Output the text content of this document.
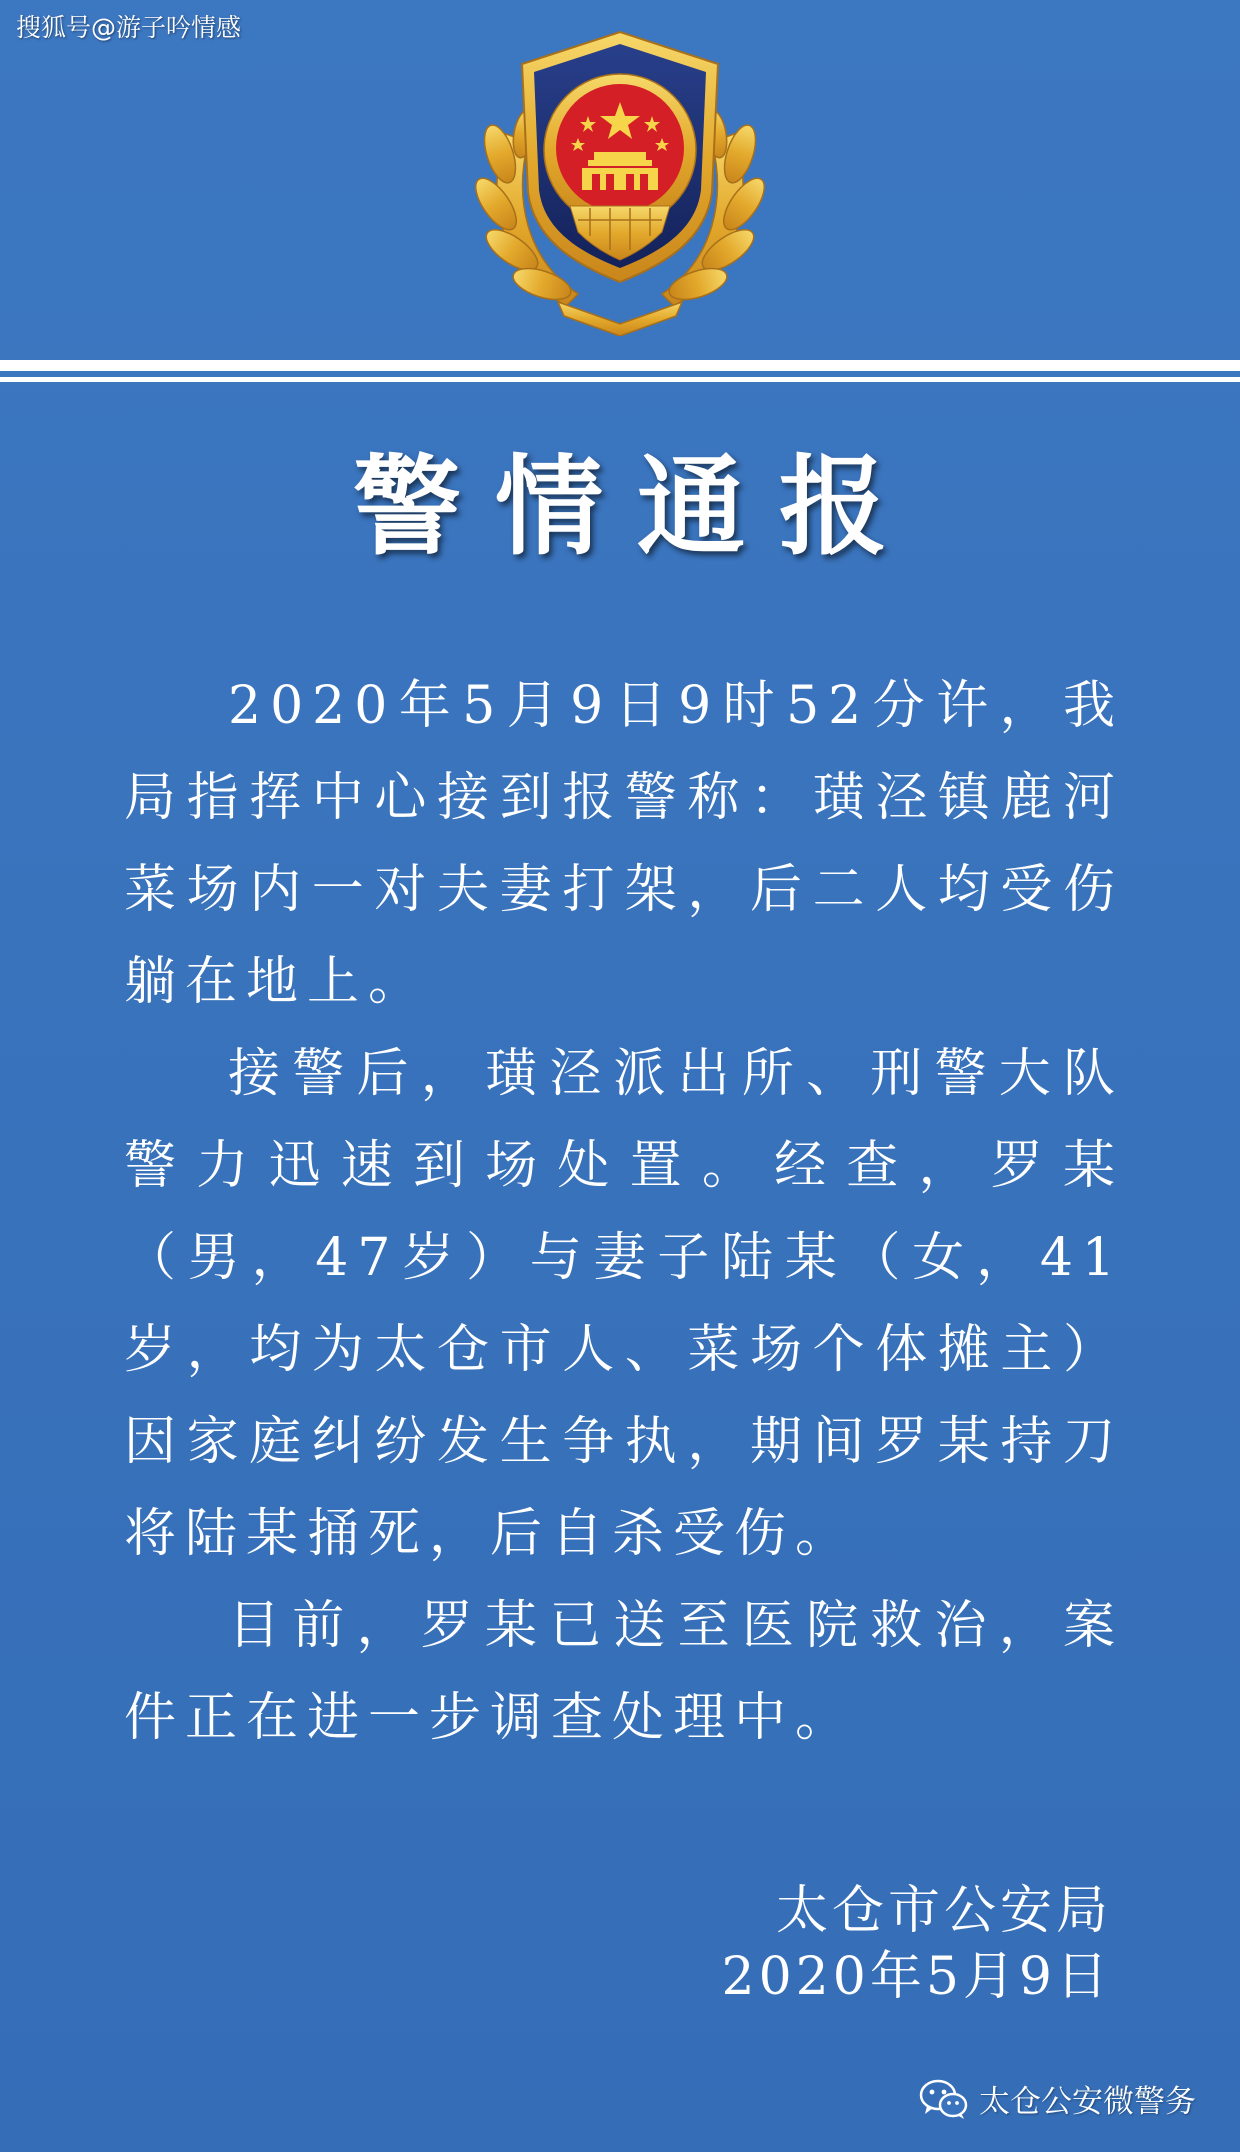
搜狐号@游子吟情感
警情通报

2020年5月9日9时52分许，我局指挥中心接到报警称：璜泾镇鹿河菜场内一对夫妻打架，后二人均受伤躺在地上。

接警后，璜泾派出所、刑警大队警力迅速到场处置。经查，罗某（男，47岁）与妻子陆某（女，41岁，均为太仓市人、菜场个体摊主）因家庭纠纷发生争执，期间罗某持刀将陆某捅死，后自杀受伤。

目前，罗某已送至医院救治，案件正在进一步调查处理中。

太仓市公安局
2020年5月9日
太仓公安微警务
